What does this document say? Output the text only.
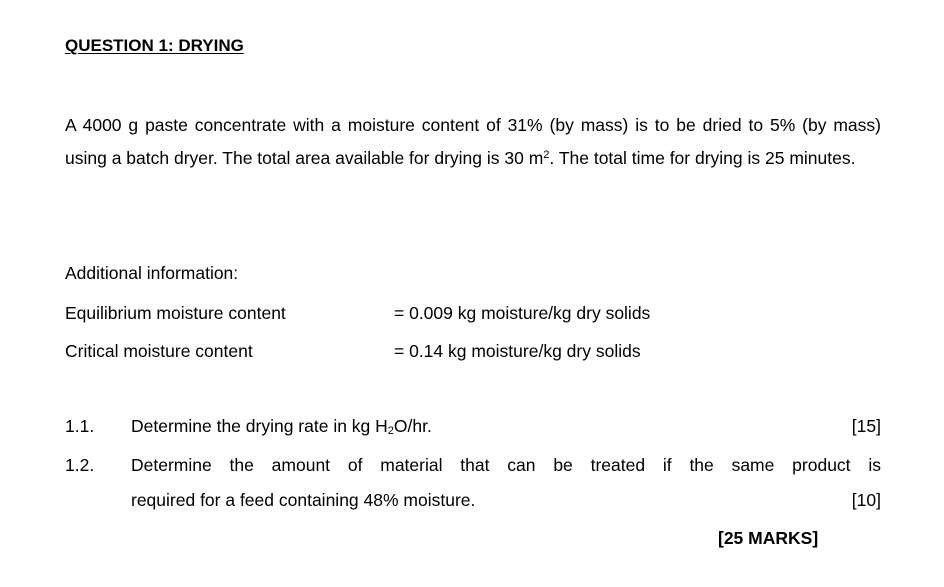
QUESTION 1: DRYING
A 4000 g paste concentrate with a moisture content of 31% (by mass) is to be dried to 5% (by mass) using a batch dryer. The total area available for drying is 30 $m^2$. The total time for drying is 25 minutes.
Additional information:
Equilibrium moisture content	= 0.009 kg moisture/kg dry solids
Critical moisture content	= 0.14 kg moisture/kg dry solids
1.1. Determine the drying rate in kg $H_2O/hr$.	[15]
1.2. Determine the amount of material that can be treated if the same product is
required for a feed containing 48% moisture.	[10]
[25 MARKS]
